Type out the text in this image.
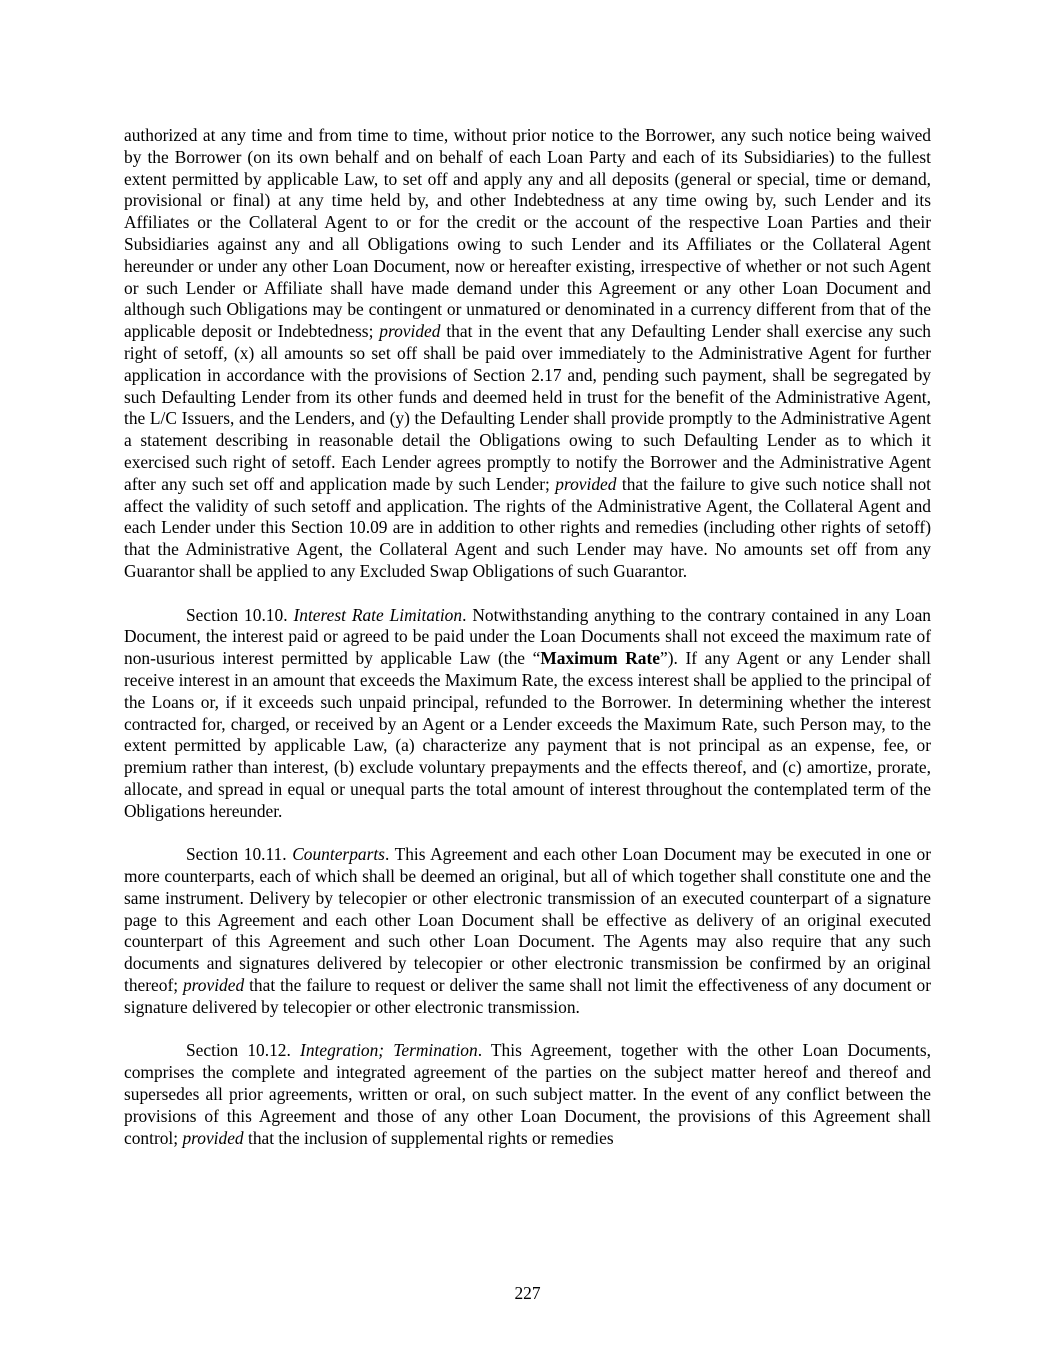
authorized at any time and from time to time, without prior notice to the Borrower, any such notice being waived by the Borrower (on its own behalf and on behalf of each Loan Party and each of its Subsidiaries) to the fullest extent permitted by applicable Law, to set off and apply any and all deposits (general or special, time or demand, provisional or final) at any time held by, and other Indebtedness at any time owing by, such Lender and its Affiliates or the Collateral Agent to or for the credit or the account of the respective Loan Parties and their Subsidiaries against any and all Obligations owing to such Lender and its Affiliates or the Collateral Agent hereunder or under any other Loan Document, now or hereafter existing, irrespective of whether or not such Agent or such Lender or Affiliate shall have made demand under this Agreement or any other Loan Document and although such Obligations may be contingent or unmatured or denominated in a currency different from that of the applicable deposit or Indebtedness; provided that in the event that any Defaulting Lender shall exercise any such right of setoff, (x) all amounts so set off shall be paid over immediately to the Administrative Agent for further application in accordance with the provisions of Section 2.17 and, pending such payment, shall be segregated by such Defaulting Lender from its other funds and deemed held in trust for the benefit of the Administrative Agent, the L/C Issuers, and the Lenders, and (y) the Defaulting Lender shall provide promptly to the Administrative Agent a statement describing in reasonable detail the Obligations owing to such Defaulting Lender as to which it exercised such right of setoff. Each Lender agrees promptly to notify the Borrower and the Administrative Agent after any such set off and application made by such Lender; provided that the failure to give such notice shall not affect the validity of such setoff and application. The rights of the Administrative Agent, the Collateral Agent and each Lender under this Section 10.09 are in addition to other rights and remedies (including other rights of setoff) that the Administrative Agent, the Collateral Agent and such Lender may have. No amounts set off from any Guarantor shall be applied to any Excluded Swap Obligations of such Guarantor.

Section 10.10. Interest Rate Limitation. Notwithstanding anything to the contrary contained in any Loan Document, the interest paid or agreed to be paid under the Loan Documents shall not exceed the maximum rate of non-usurious interest permitted by applicable Law (the “Maximum Rate”). If any Agent or any Lender shall receive interest in an amount that exceeds the Maximum Rate, the excess interest shall be applied to the principal of the Loans or, if it exceeds such unpaid principal, refunded to the Borrower. In determining whether the interest contracted for, charged, or received by an Agent or a Lender exceeds the Maximum Rate, such Person may, to the extent permitted by applicable Law, (a) characterize any payment that is not principal as an expense, fee, or premium rather than interest, (b) exclude voluntary prepayments and the effects thereof, and (c) amortize, prorate, allocate, and spread in equal or unequal parts the total amount of interest throughout the contemplated term of the Obligations hereunder.

Section 10.11. Counterparts. This Agreement and each other Loan Document may be executed in one or more counterparts, each of which shall be deemed an original, but all of which together shall constitute one and the same instrument. Delivery by telecopier or other electronic transmission of an executed counterpart of a signature page to this Agreement and each other Loan Document shall be effective as delivery of an original executed counterpart of this Agreement and such other Loan Document. The Agents may also require that any such documents and signatures delivered by telecopier or other electronic transmission be confirmed by an original thereof; provided that the failure to request or deliver the same shall not limit the effectiveness of any document or signature delivered by telecopier or other electronic transmission.

Section 10.12. Integration; Termination. This Agreement, together with the other Loan Documents, comprises the complete and integrated agreement of the parties on the subject matter hereof and thereof and supersedes all prior agreements, written or oral, on such subject matter. In the event of any conflict between the provisions of this Agreement and those of any other Loan Document, the provisions of this Agreement shall control; provided that the inclusion of supplemental rights or remedies

227
